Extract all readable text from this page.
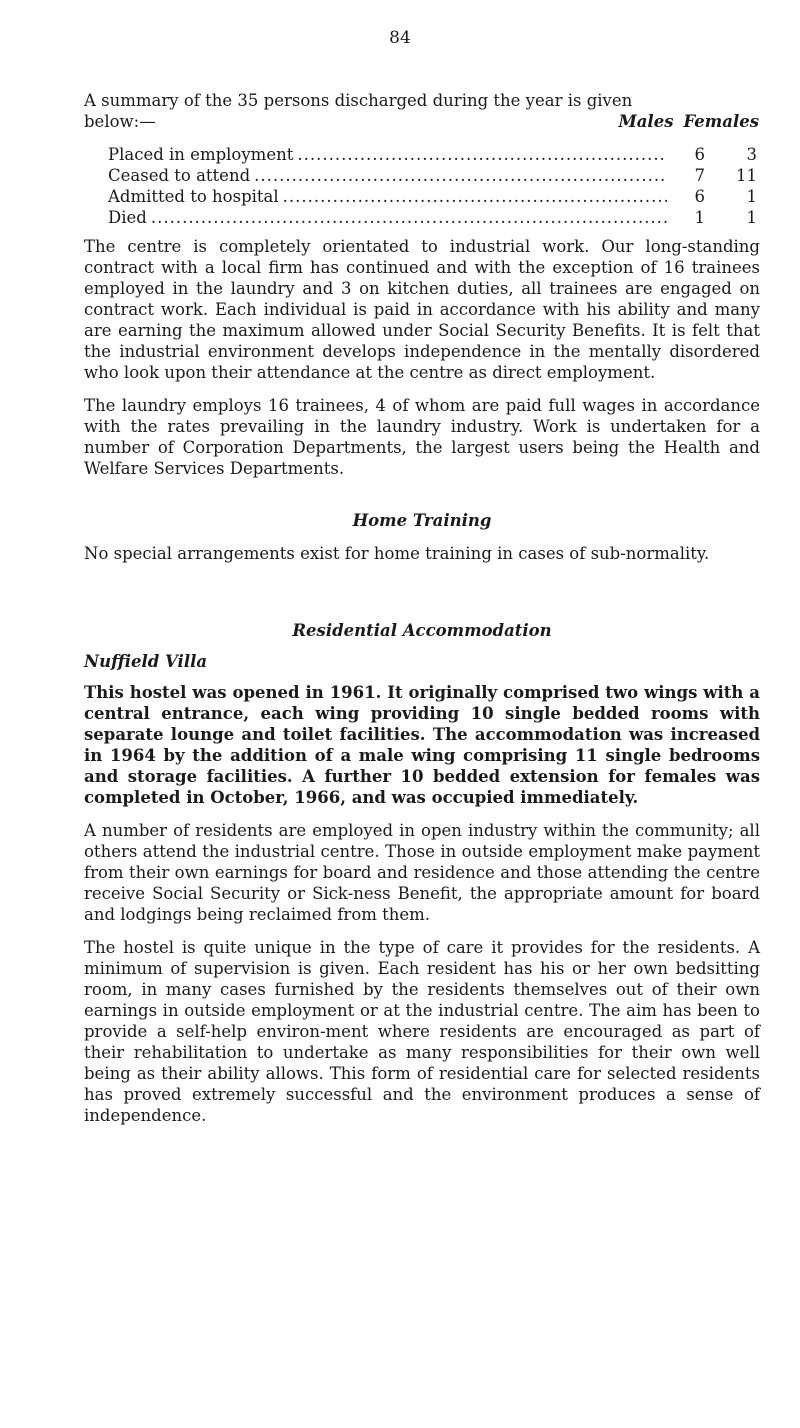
84

A summary of the 35 persons discharged during the year is given

below:—	Males Females
Placed in employment .....	6	3
Ceased to attend .....	7	11
Admitted to hospital .....	6	1
Died .....	1	1

The centre is completely orientated to industrial work. Our long-standing contract with a local firm has continued and with the exception of 16 trainees employed in the laundry and 3 on kitchen duties, all trainees are engaged on contract work. Each individual is paid in accordance with his ability and many are earning the maximum allowed under Social Security Benefits. It is felt that the industrial environment develops independence in the mentally disordered who look upon their attendance at the centre as direct employment.

The laundry employs 16 trainees, 4 of whom are paid full wages in accordance with the rates prevailing in the laundry industry. Work is undertaken for a number of Corporation Departments, the largest users being the Health and Welfare Services Departments.

Home Training

No special arrangements exist for home training in cases of sub-normality.

Residential Accommodation
Nuffield Villa

This hostel was opened in 1961. It originally comprised two wings with a central entrance, each wing providing 10 single bedded rooms with separate lounge and toilet facilities. The accommodation was increased in 1964 by the addition of a male wing comprising 11 single bedrooms and storage facilities. A further 10 bedded extension for females was completed in October, 1966, and was occupied immediately.

A number of residents are employed in open industry within the community; all others attend the industrial centre. Those in outside employment make payment from their own earnings for board and residence and those attending the centre receive Social Security or Sick-ness Benefit, the appropriate amount for board and lodgings being reclaimed from them.

The hostel is quite unique in the type of care it provides for the residents. A minimum of supervision is given. Each resident has his or her own bedsitting room, in many cases furnished by the residents themselves out of their own earnings in outside employment or at the industrial centre. The aim has been to provide a self-help environ-ment where residents are encouraged as part of their rehabilitation to undertake as many responsibilities for their own well being as their ability allows. This form of residential care for selected residents has proved extremely successful and the environment produces a sense of independence.
